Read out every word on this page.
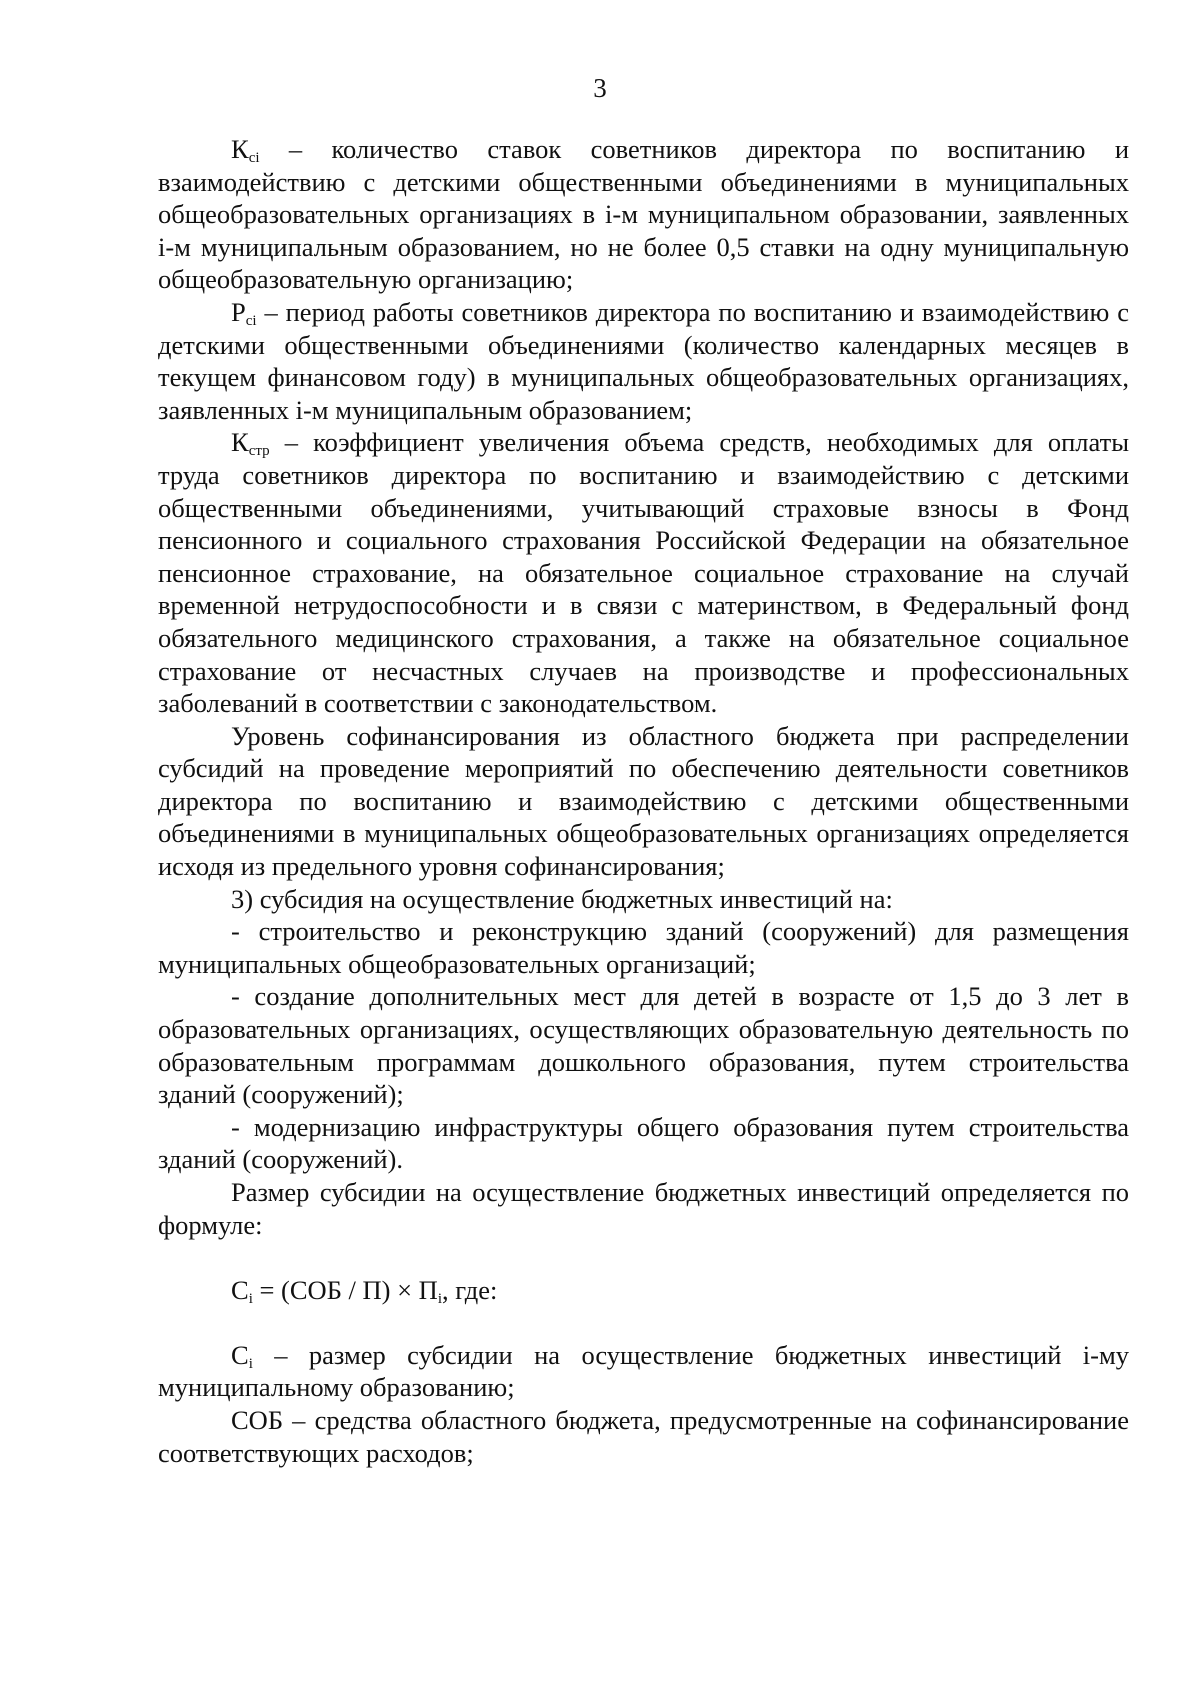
3

$К_{ci}$ – количество ставок советников директора по воспитанию и взаимодействию с детскими общественными объединениями в муниципальных общеобразовательных организациях в i-м муниципальном образовании, заявленных i-м муниципальным образованием, но не более 0,5 ставки на одну муниципальную общеобразовательную организацию;

$Р_{ci}$ – период работы советников директора по воспитанию и взаимодействию с детскими общественными объединениями (количество календарных месяцев в текущем финансовом году) в муниципальных общеобразовательных организациях, заявленных i-м муниципальным образованием;

$К_{стр}$ – коэффициент увеличения объема средств, необходимых для оплаты труда советников директора по воспитанию и взаимодействию с детскими общественными объединениями, учитывающий страховые взносы в Фонд пенсионного и социального страхования Российской Федерации на обязательное пенсионное страхование, на обязательное социальное страхование на случай временной нетрудоспособности и в связи с материнством, в Федеральный фонд обязательного медицинского страхования, а также на обязательное социальное страхование от несчастных случаев на производстве и профессиональных заболеваний в соответствии с законодательством.

Уровень софинансирования из областного бюджета при распределении субсидий на проведение мероприятий по обеспечению деятельности советников директора по воспитанию и взаимодействию с детскими общественными объединениями в муниципальных общеобразовательных организациях определяется исходя из предельного уровня софинансирования;

3) субсидия на осуществление бюджетных инвестиций на:

- строительство и реконструкцию зданий (сооружений) для размещения муниципальных общеобразовательных организаций;

- создание дополнительных мест для детей в возрасте от 1,5 до 3 лет в образовательных организациях, осуществляющих образовательную деятельность по образовательным программам дошкольного образования, путем строительства зданий (сооружений);

- модернизацию инфраструктуры общего образования путем строительства зданий (сооружений).

Размер субсидии на осуществление бюджетных инвестиций определяется по формуле:

$С_i = (СОБ / П) \times П_i$, где:

$С_i$ – размер субсидии на осуществление бюджетных инвестиций i-му муниципальному образованию;

СОБ – средства областного бюджета, предусмотренные на софинансирование соответствующих расходов;
